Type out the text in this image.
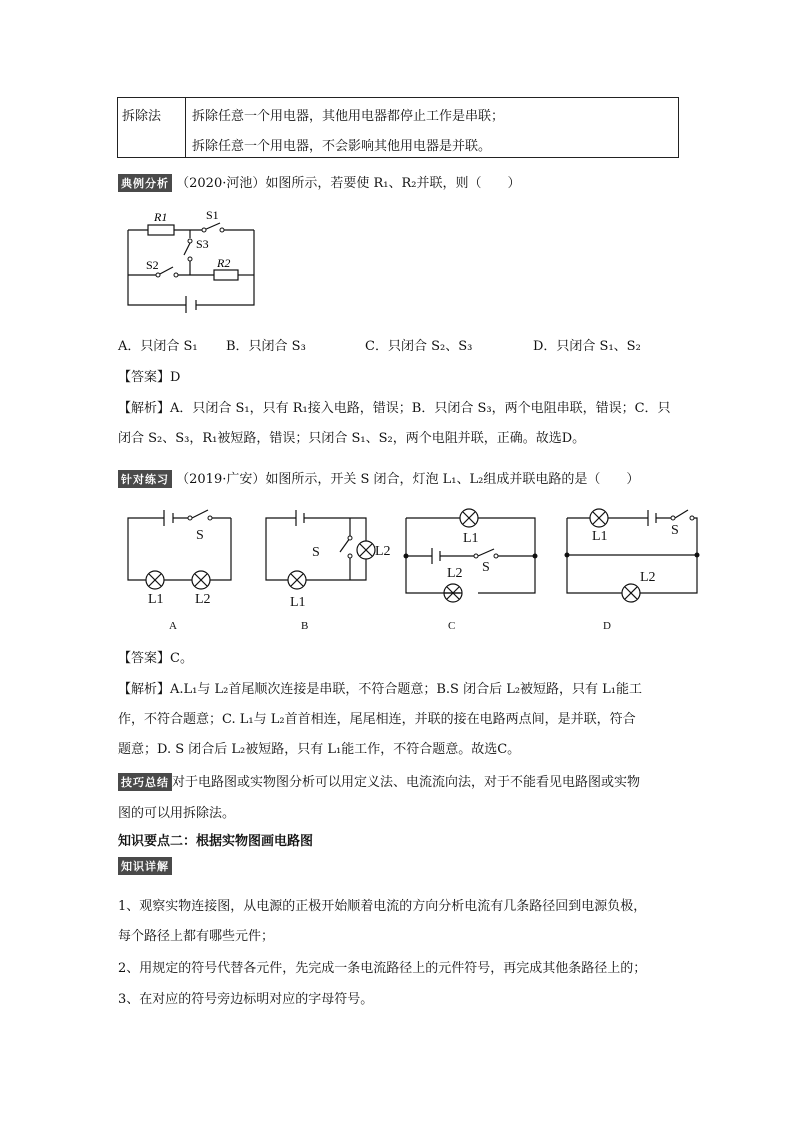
拆除法	拆除任意一个用电器，其他用电器都停止工作是串联；
拆除任意一个用电器，不会影响其他用电器是并联。
典例分析 （2020·河池）如图所示，若要使 R₁、R₂并联，则（　　）
R1	S1
S3
S2	R2
A．只闭合 S₁ B．只闭合 S₃	C．只闭合 S₂、S₃	D．只闭合 S₁、S₂
【答案】D
【解析】A．只闭合 S₁，只有 R₁接入电路，错误；B．只闭合 S₃，两个电阻串联，错误；C．只
闭合 S₂、S₃，R₁被短路，错误；只闭合 S₁、S₂，两个电阻并联，正确。故选D。
针对练习 （2019·广安）如图所示，开关 S 闭合，灯泡 L₁、L₂组成并联电路的是（　　）
S
L1 L2
S	L2
L1
L1
S
L2
L1	S
L2
A	B	C	D
【答案】C。
【解析】A.L₁与 L₂首尾顺次连接是串联，不符合题意；B.S 闭合后 L₂被短路，只有 L₁能工
作，不符合题意；C. L₁与 L₂首首相连，尾尾相连，并联的接在电路两点间，是并联，符合
题意；D. S 闭合后 L₂被短路，只有 L₁能工作，不符合题意。故选C。
技巧总结 对于电路图或实物图分析可以用定义法、电流流向法，对于不能看见电路图或实物
图的可以用拆除法。
知识要点二：根据实物图画电路图
知识详解
1、观察实物连接图，从电源的正极开始顺着电流的方向分析电流有几条路径回到电源负极，
每个路径上都有哪些元件；
2、用规定的符号代替各元件，先完成一条电流路径上的元件符号，再完成其他条路径上的；
3、在对应的符号旁边标明对应的字母符号。
